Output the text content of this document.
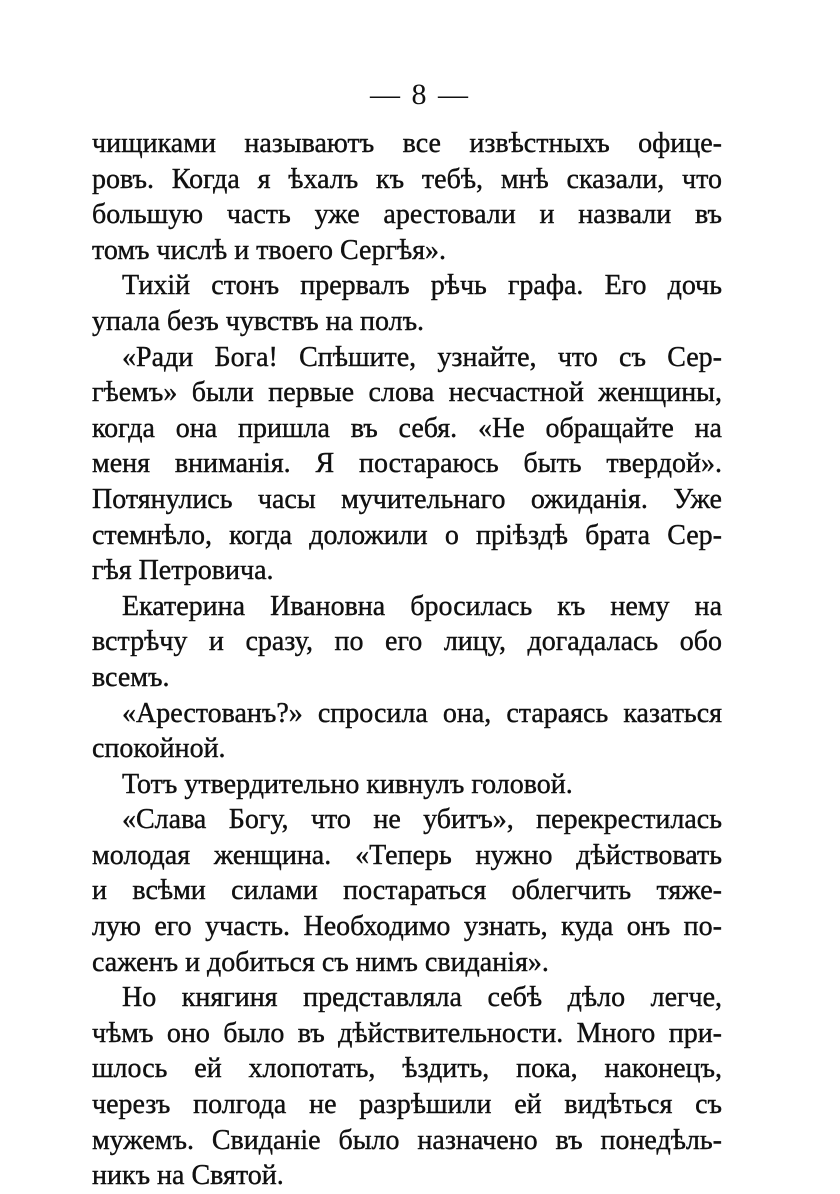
— 8 —
чищиками называютъ все извѣстныхъ офице-
ровъ. Когда я ѣхалъ къ тебѣ, мнѣ сказали, что
большую часть уже арестовали и назвали въ
томъ числѣ и твоего Сергѣя».
Тихій стонъ прервалъ рѣчь графа. Его дочь
упала безъ чувствъ на полъ.
«Ради Бога! Спѣшите, узнайте, что съ Сер-
гѣемъ» были первые слова несчастной женщины,
когда она пришла въ себя. «Не обращайте на
меня вниманія. Я постараюсь быть твердой».
Потянулись часы мучительнаго ожиданія. Уже
стемнѣло, когда доложили о пріѣздѣ брата Сер-
гѣя Петровича.
Екатерина Ивановна бросилась къ нему на
встрѣчу и сразу, по его лицу, догадалась обо
всемъ.
«Арестованъ?» спросила она, стараясь казаться
спокойной.
Тотъ утвердительно кивнулъ головой.
«Слава Богу, что не убитъ», перекрестилась
молодая женщина. «Теперь нужно дѣйствовать
и всѣми силами постараться облегчить тяже-
лую его участь. Необходимо узнать, куда онъ по-
саженъ и добиться съ нимъ свиданія».
Но княгиня представляла себѣ дѣло легче,
чѣмъ оно было въ дѣйствительности. Много при-
шлось ей хлопотать, ѣздить, пока, наконецъ,
черезъ полгода не разрѣшили ей видѣться съ
мужемъ. Свиданіе было назначено въ понедѣль-
никъ на Святой.
